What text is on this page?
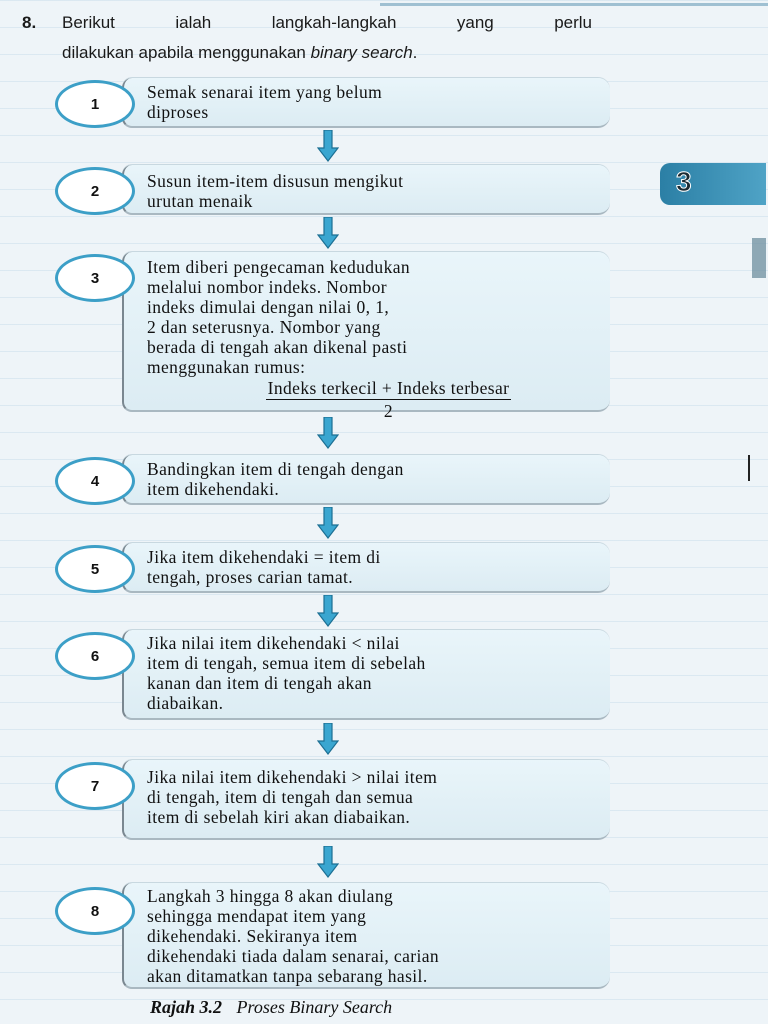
8.	Berikut ialah langkah-langkah yang perlu
dilakukan apabila menggunakan binary search.
3
1
Semak senarai item yang belum
diproses
2	Susun item-item disusun mengikut
urutan menaik
3
Item diberi pengecaman kedudukan
melalui nombor indeks. Nombor
indeks dimulai dengan nilai 0, 1,
2 dan seterusnya. Nombor yang
berada di tengah akan dikenal pasti
menggunakan rumus:
Indeks terkecil + Indeks terbesar
2
4
Bandingkan item di tengah dengan
item dikehendaki.
5
Jika item dikehendaki = item di
tengah, proses carian tamat.
6
Jika nilai item dikehendaki < nilai
item di tengah, semua item di sebelah
kanan dan item di tengah akan
diabaikan.
7	Jika nilai item dikehendaki > nilai item
di tengah, item di tengah dan semua
item di sebelah kiri akan diabaikan.
8
Langkah 3 hingga 8 akan diulang
sehingga mendapat item yang
dikehendaki. Sekiranya item
dikehendaki tiada dalam senarai, carian
akan ditamatkan tanpa sebarang hasil.
Rajah 3.2 Proses Binary Search
